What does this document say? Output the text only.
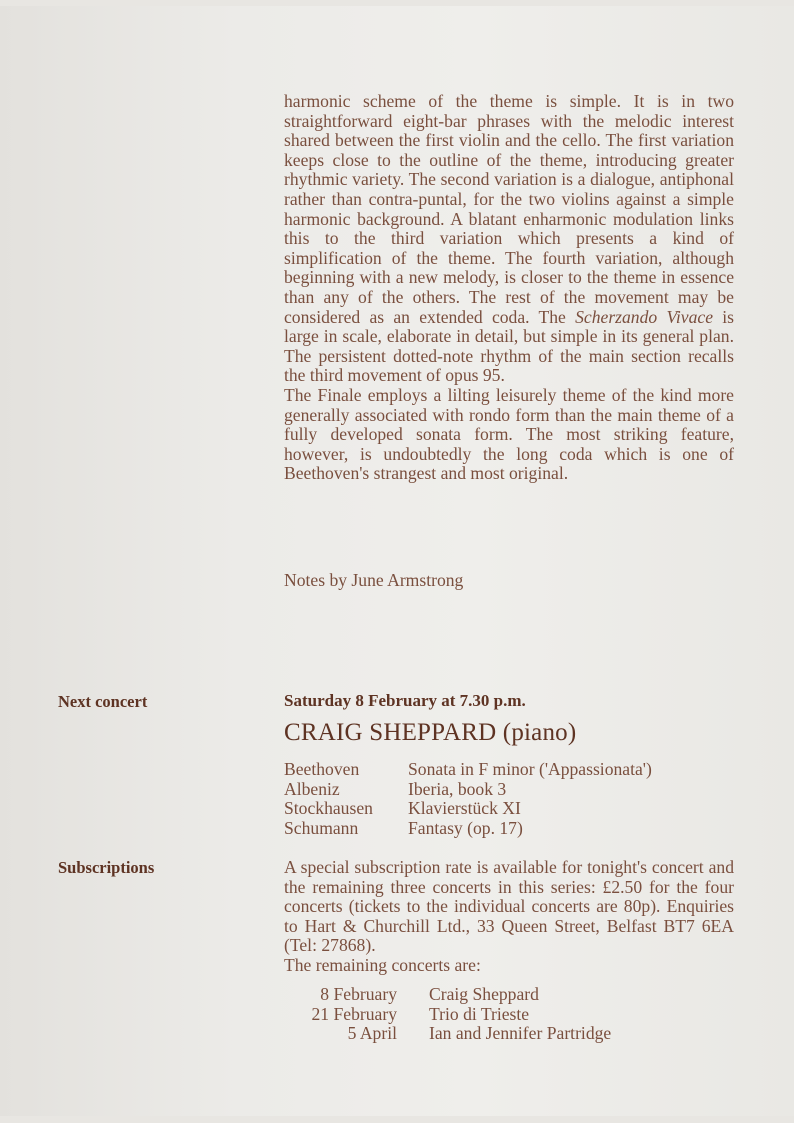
harmonic scheme of the theme is simple. It is in two straightforward eight-bar phrases with the melodic interest shared between the first violin and the cello. The first variation keeps close to the outline of the theme, introducing greater rhythmic variety. The second variation is a dialogue, antiphonal rather than contra-puntal, for the two violins against a simple harmonic background. A blatant enharmonic modulation links this to the third variation which presents a kind of simplification of the theme. The fourth variation, although beginning with a new melody, is closer to the theme in essence than any of the others. The rest of the movement may be considered as an extended coda. The Scherzando Vivace is large in scale, elaborate in detail, but simple in its general plan. The persistent dotted-note rhythm of the main section recalls the third movement of opus 95.

The Finale employs a lilting leisurely theme of the kind more generally associated with rondo form than the main theme of a fully developed sonata form. The most striking feature, however, is undoubtedly the long coda which is one of Beethoven's strangest and most original.

Notes by June Armstrong
Next concert	Saturday 8 February at 7.30 p.m.
CRAIG SHEPPARD (piano)
Beethoven	Sonata in F minor ('Appassionata')
Albeniz	Iberia, book 3
Stockhausen	Klavierstück XI
Schumann	Fantasy (op. 17)
Subscriptions	A special subscription rate is available for tonight's concert and the remaining three concerts in this series: £2.50 for the four concerts (tickets to the individual concerts are 80p). Enquiries to Hart & Churchill Ltd., 33 Queen Street, Belfast BT7 6EA (Tel: 27868).

The remaining concerts are:

8 February	Craig Sheppard
21 February	Trio di Trieste
5 April	Ian and Jennifer Partridge
